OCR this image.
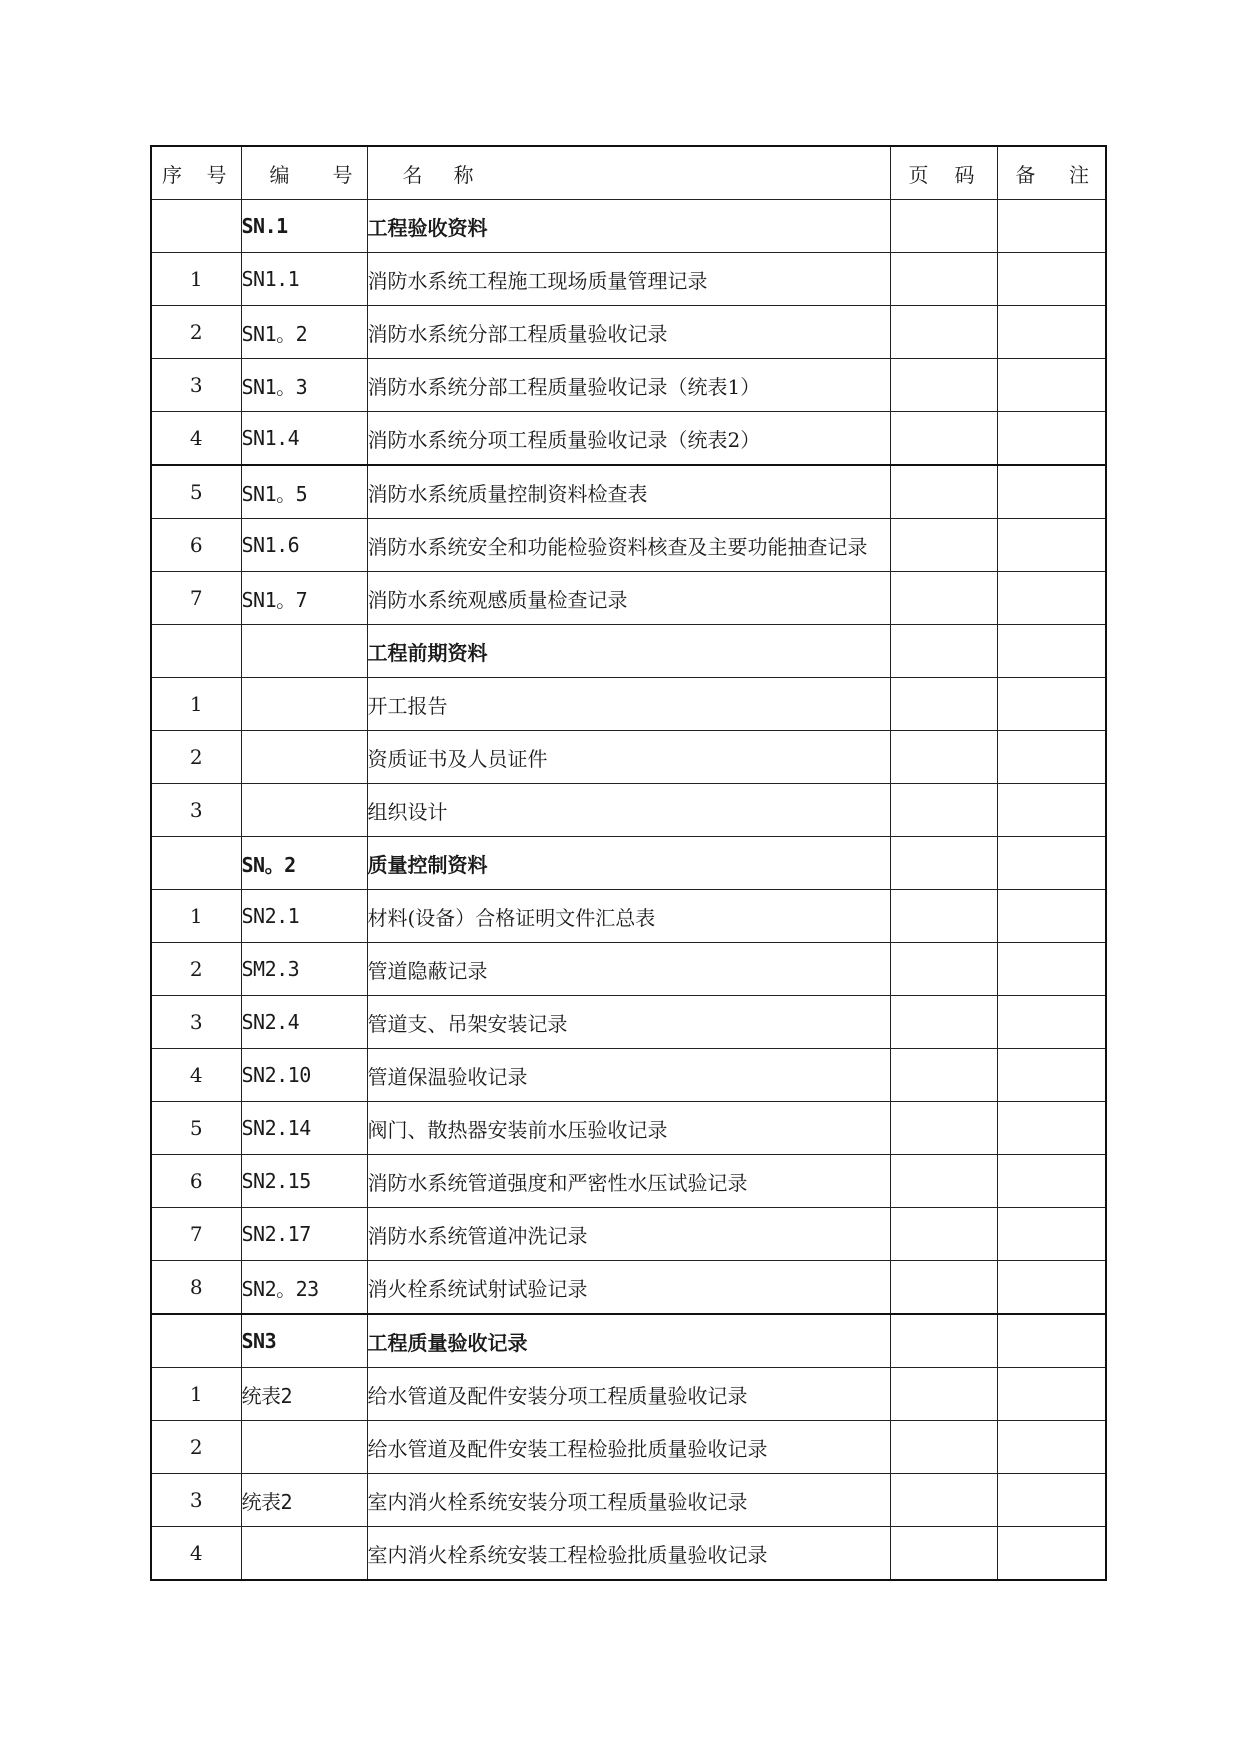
序 号	编 号	名 称	页 码	备 注

	SN.1	工程验收资料		
1	SN1.1	消防水系统工程施工现场质量管理记录		
2	SN1。2	消防水系统分部工程质量验收记录		
3	SN1。3	消防水系统分部工程质量验收记录（统表1）		
4	SN1.4	消防水系统分项工程质量验收记录（统表2）		
5	SN1。5	消防水系统质量控制资料检查表		
6	SN1.6	消防水系统安全和功能检验资料核查及主要功能抽查记录		
7	SN1。7	消防水系统观感质量检查记录		
		工程前期资料		
1		开工报告		
2		资质证书及人员证件		
3		组织设计		
	SN。2	质量控制资料		
1	SN2.1	材料(设备）合格证明文件汇总表		
2	SM2.3	管道隐蔽记录		
3	SN2.4	管道支、吊架安装记录		
4	SN2.10	管道保温验收记录		
5	SN2.14	阀门、散热器安装前水压验收记录		
6	SN2.15	消防水系统管道强度和严密性水压试验记录		
7	SN2.17	消防水系统管道冲洗记录		
8	SN2。23	消火栓系统试射试验记录		
	SN3	工程质量验收记录		
1	统表2	给水管道及配件安装分项工程质量验收记录		
2		给水管道及配件安装工程检验批质量验收记录		
3	统表2	室内消火栓系统安装分项工程质量验收记录		
4		室内消火栓系统安装工程检验批质量验收记录		
